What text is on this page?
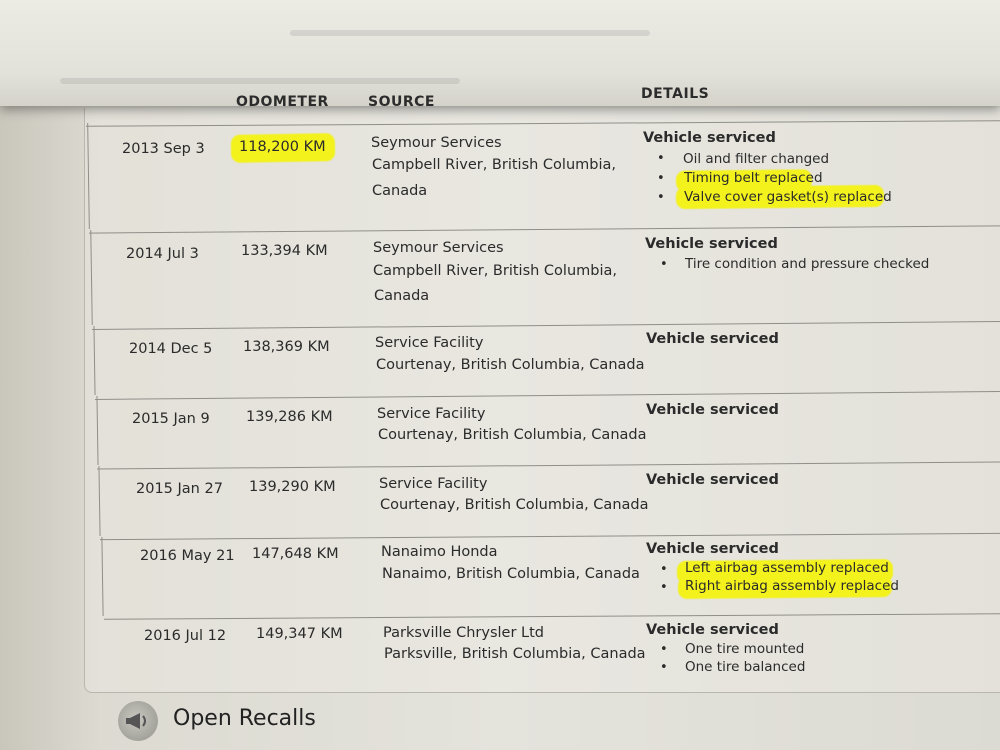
ODOMETER	SOURCE	DETAILS
2013 Sep 3 118,200 KM	Seymour Services
Campbell River, British Columbia,
Canada
Vehicle serviced
• Oil and filter changed
• Timing belt replaced
• Valve cover gasket(s) replaced
2014 Jul 3	133,394 KM	Seymour Services
Campbell River, British Columbia,
Canada
Vehicle serviced
• Tire condition and pressure checked
2014 Dec 5 138,369 KM	Service Facility
Courtenay, British Columbia, Canada
Vehicle serviced
2015 Jan 9	139,286 KM	Service Facility
Courtenay, British Columbia, Canada
Vehicle serviced
2015 Jan 27 139,290 KM	Service Facility
Courtenay, British Columbia, Canada
Vehicle serviced
2016 May 21 147,648 KM	Nanaimo Honda
Nanaimo, British Columbia, Canada
Vehicle serviced
• Left airbag assembly replaced
• Right airbag assembly replaced
2016 Jul 12 149,347 KM	Parksville Chrysler Ltd
Parksville, British Columbia, Canada
Vehicle serviced
• One tire mounted
• One tire balanced
Open Recalls
